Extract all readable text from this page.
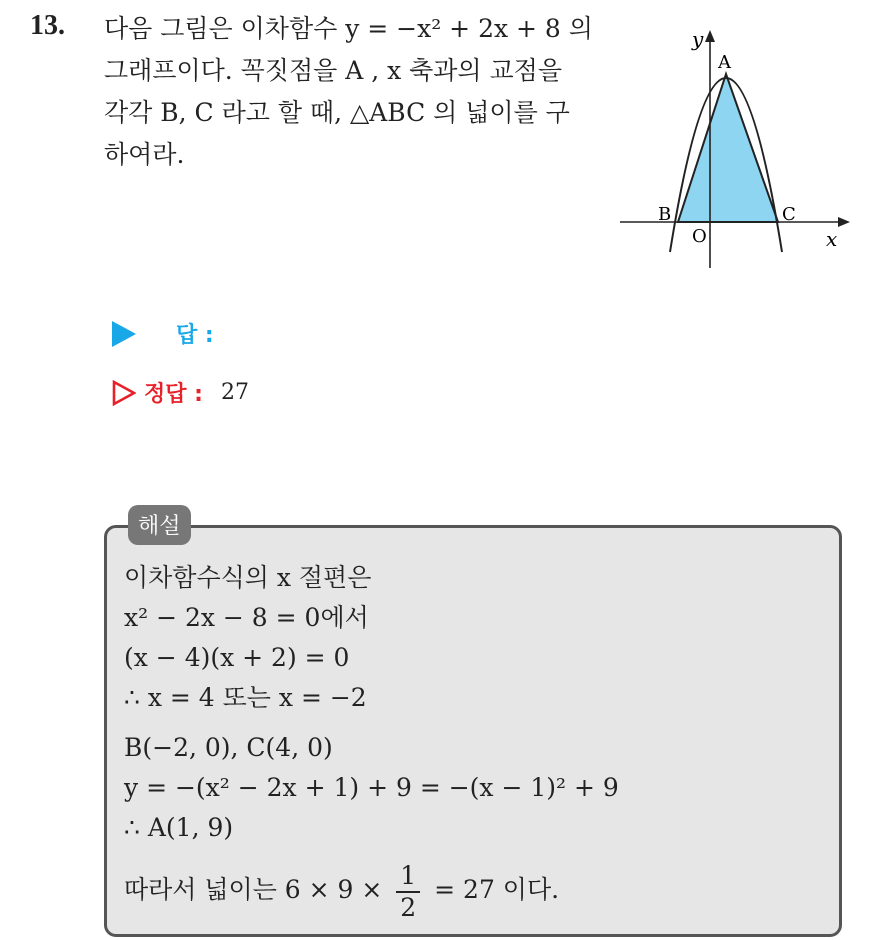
13. 다음 그림은 이차함수 y = −x² + 2x + 8 의
그래프이다. 꼭짓점을 A , x 축과의 교점을
각각 B, C 라고 할 때, △ABC 의 넓이를 구
하여라.
y
x
A
B	C
O
답 :
정답 : 27
해설
이차함수식의 x 절편은
x² − 2x − 8 = 0에서
(x − 4)(x + 2) = 0
∴ x = 4 또는 x = −2
B(−2, 0), C(4, 0)
y = −(x² − 2x + 1) + 9 = −(x − 1)² + 9
∴ A(1, 9)
따라서 넓이는 $6 \times 9 \times \frac{1}{2} = 27$ 이다.
